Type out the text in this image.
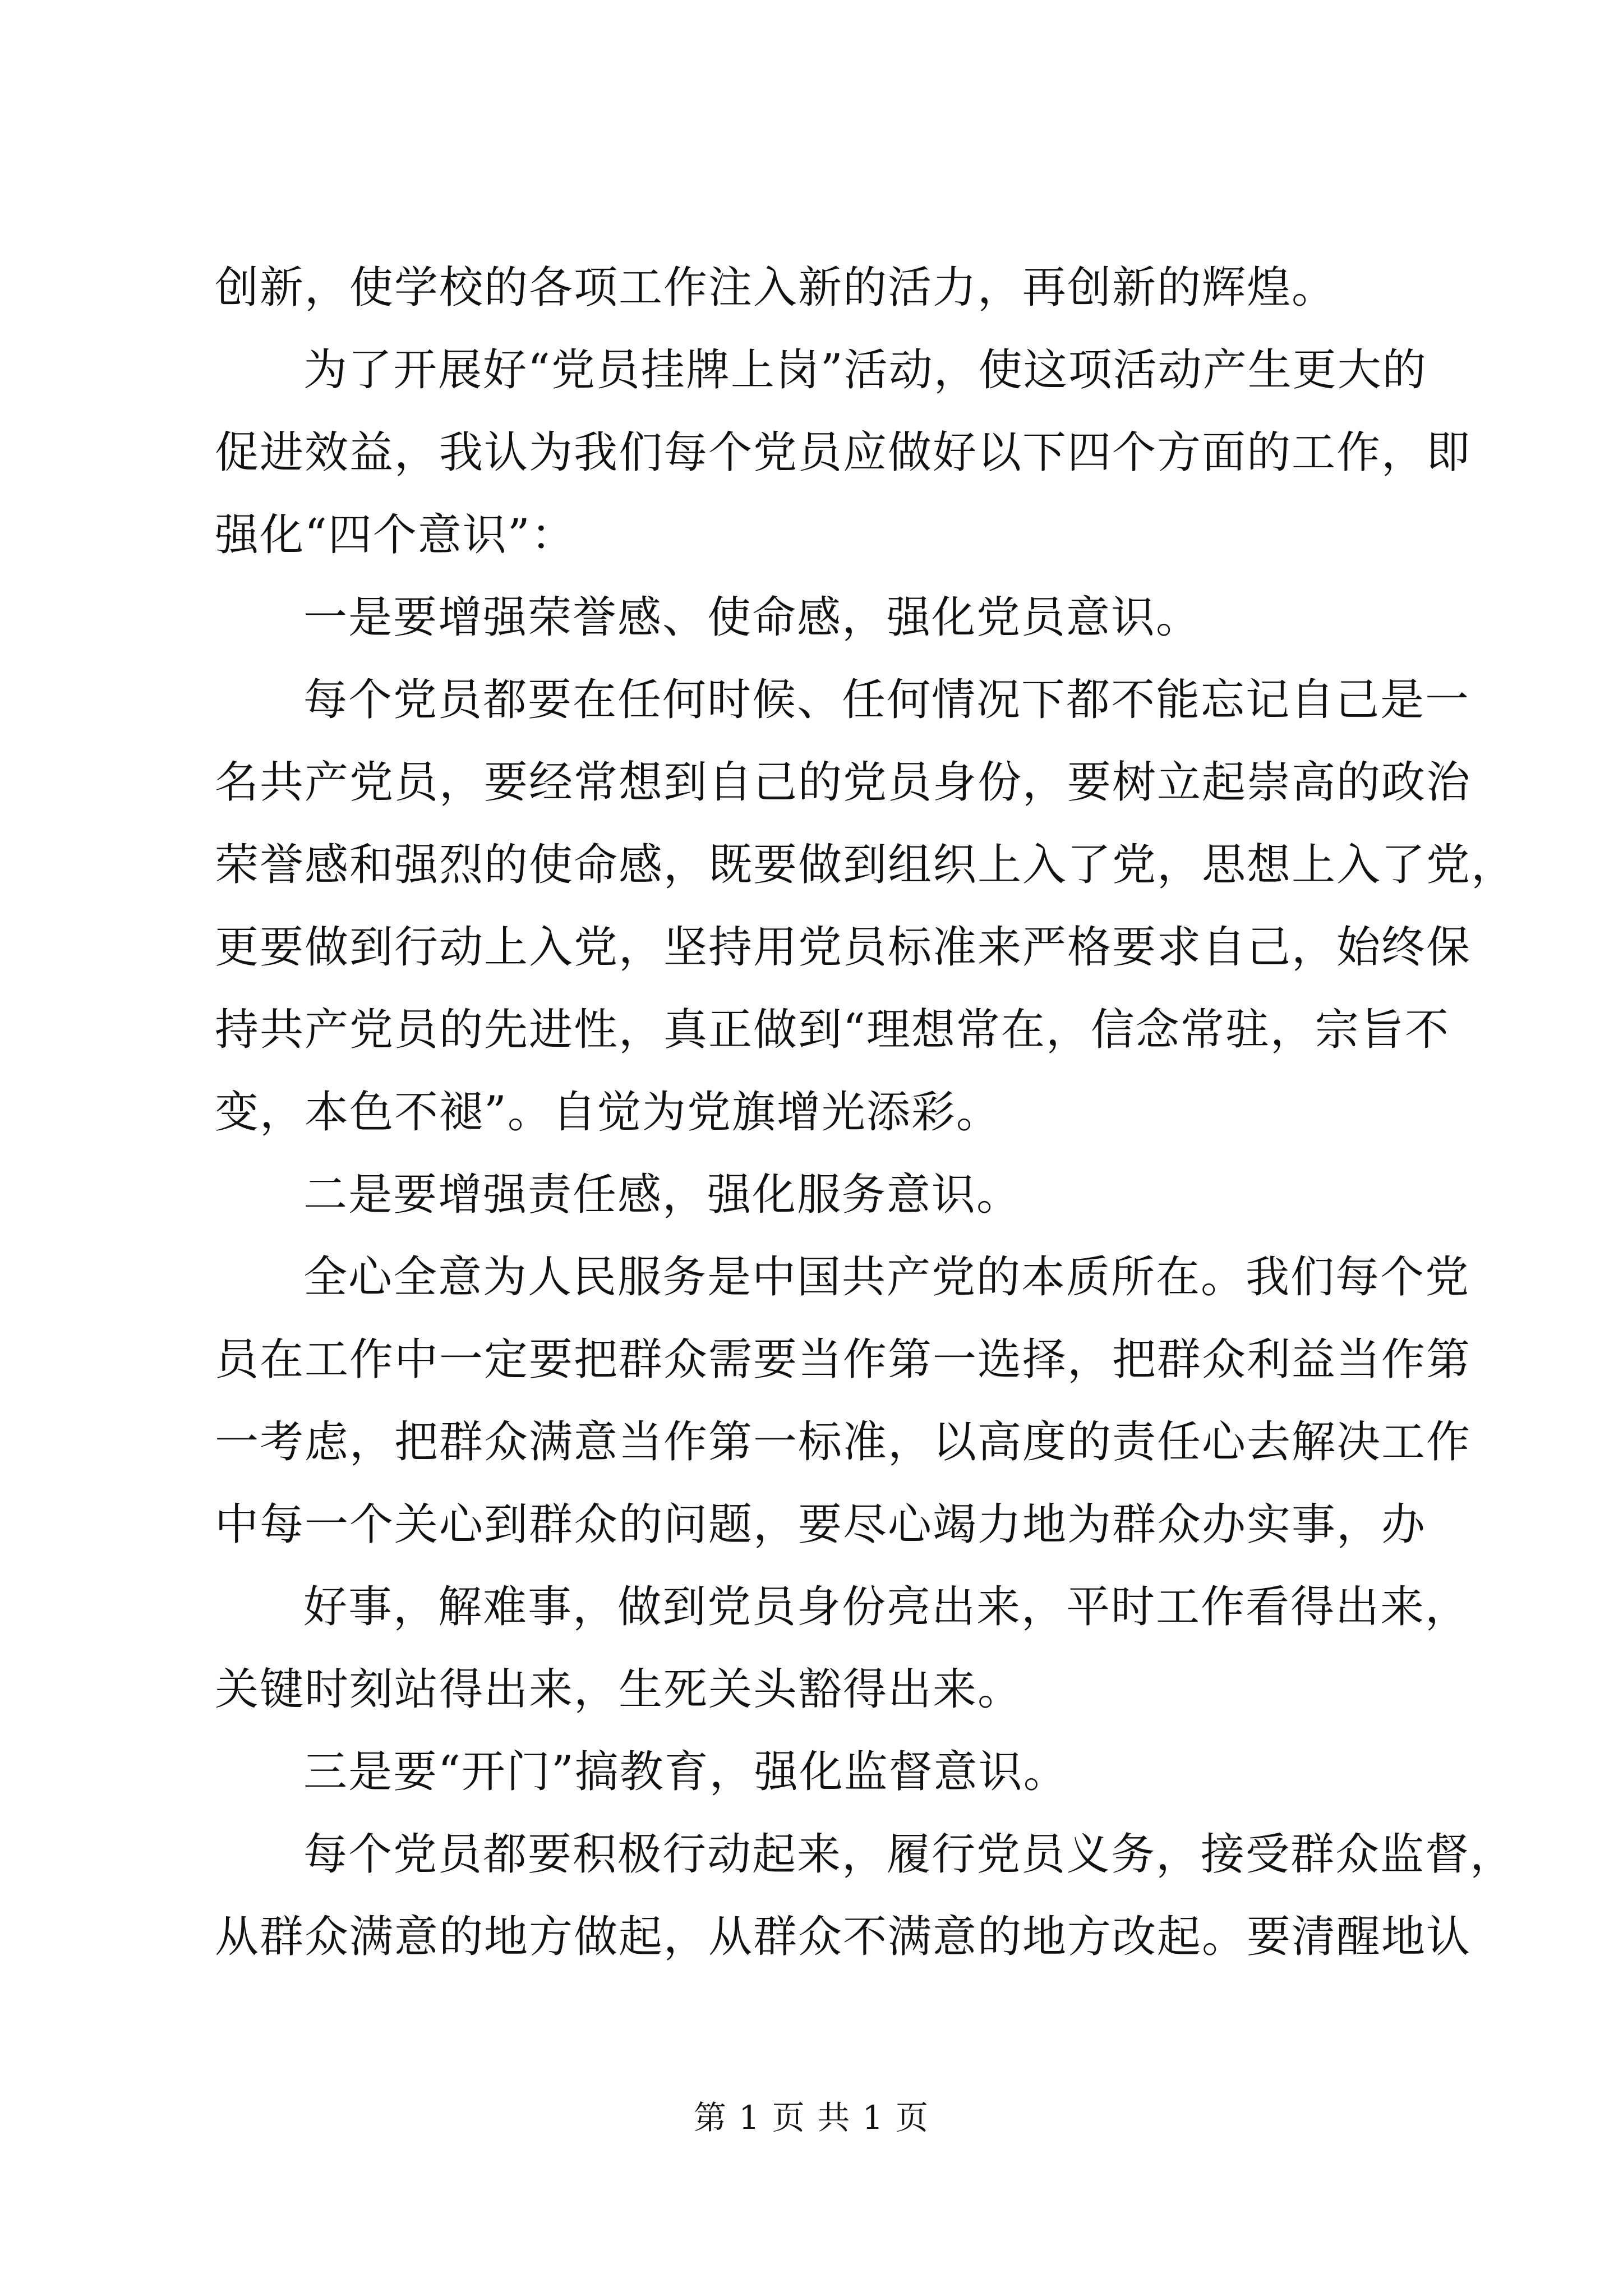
创新，使学校的各项工作注入新的活力，再创新的辉煌。
为了开展好“党员挂牌上岗”活动，使这项活动产生更大的
促进效益，我认为我们每个党员应做好以下四个方面的工作，即
强化“四个意识”：
一是要增强荣誉感、使命感，强化党员意识。
每个党员都要在任何时候、任何情况下都不能忘记自己是一
名共产党员，要经常想到自己的党员身份，要树立起崇高的政治
荣誉感和强烈的使命感，既要做到组织上入了党，思想上入了党，
更要做到行动上入党，坚持用党员标准来严格要求自己，始终保
持共产党员的先进性，真正做到“理想常在，信念常驻，宗旨不
变，本色不褪”。自觉为党旗增光添彩。
二是要增强责任感，强化服务意识。
全心全意为人民服务是中国共产党的本质所在。我们每个党
员在工作中一定要把群众需要当作第一选择，把群众利益当作第
一考虑，把群众满意当作第一标准，以高度的责任心去解决工作
中每一个关心到群众的问题，要尽心竭力地为群众办实事，办
好事，解难事，做到党员身份亮出来，平时工作看得出来，
关键时刻站得出来，生死关头豁得出来。
三是要“开门”搞教育，强化监督意识。
每个党员都要积极行动起来，履行党员义务，接受群众监督，
从群众满意的地方做起，从群众不满意的地方改起。要清醒地认
第 1 页 共 1 页
